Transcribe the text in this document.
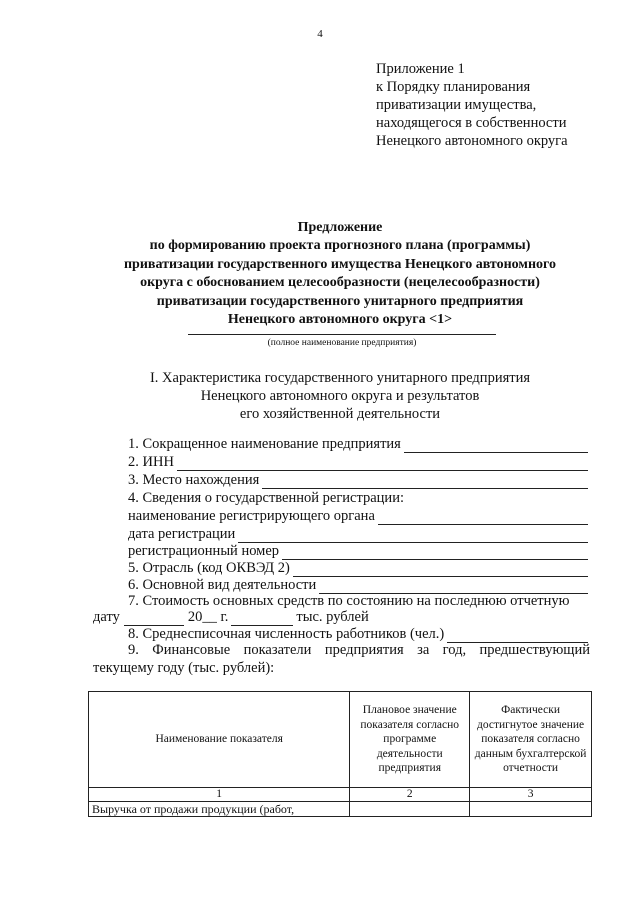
4
Приложение 1
к Порядку планирования
приватизации имущества,
находящегося в собственности
Ненецкого автономного округа
Предложение
по формированию проекта прогнозного плана (программы)
приватизации государственного имущества Ненецкого автономного
округа с обоснованием целесообразности (нецелесообразности)
приватизации государственного унитарного предприятия
Ненецкого автономного округа <1>
(полное наименование предприятия)
I. Характеристика государственного унитарного предприятия
Ненецкого автономного округа и результатов
его хозяйственной деятельности
1. Сокращенное наименование предприятия
2. ИНН
3. Место нахождения
4. Сведения о государственной регистрации:
наименование регистрирующего органа
дата регистрации
регистрационный номер
5. Отрасль (код ОКВЭД 2)
6. Основной вид деятельности
7. Стоимость основных средств по состоянию на последнюю отчетную
дату	20__ г.	тыс. рублей
8. Среднесписочная численность работников (чел.)
9. Финансовые показатели предприятия за год, предшествующий
текущему году (тыс. рублей):
Наименование показателя	Плановое значение показателя согласно программе деятельности предприятия	Фактически достигнутое значение показателя согласно данным бухгалтерской отчетности
1	2	3
Выручка от продажи продукции (работ,		
